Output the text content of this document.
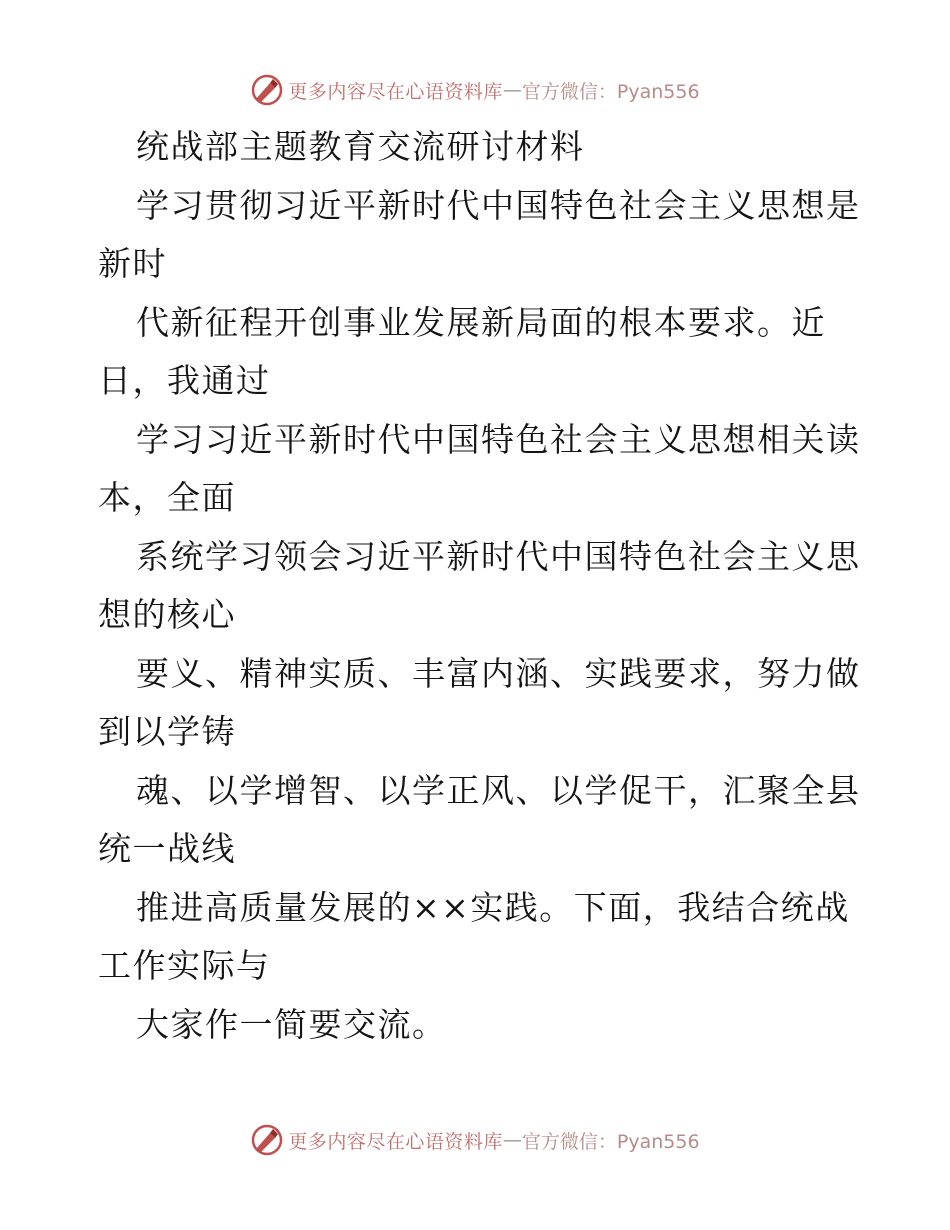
更多内容尽在心语资料库 — 官方微信：Pyan556
统战部主题教育交流研讨材料
学习贯彻习近平新时代中国特色社会主义思想是
新时
代新征程开创事业发展新局面的根本要求。近
日，我通过
学习习近平新时代中国特色社会主义思想相关读
本，全面
系统学习领会习近平新时代中国特色社会主义思
想的核心
要义、精神实质、丰富内涵、实践要求，努力做
到以学铸
魂、以学增智、以学正风、以学促干，汇聚全县
统一战线
推进高质量发展的××实践。下面，我结合统战
工作实际与
大家作一简要交流。
更多内容尽在心语资料库 — 官方微信：Pyan556
